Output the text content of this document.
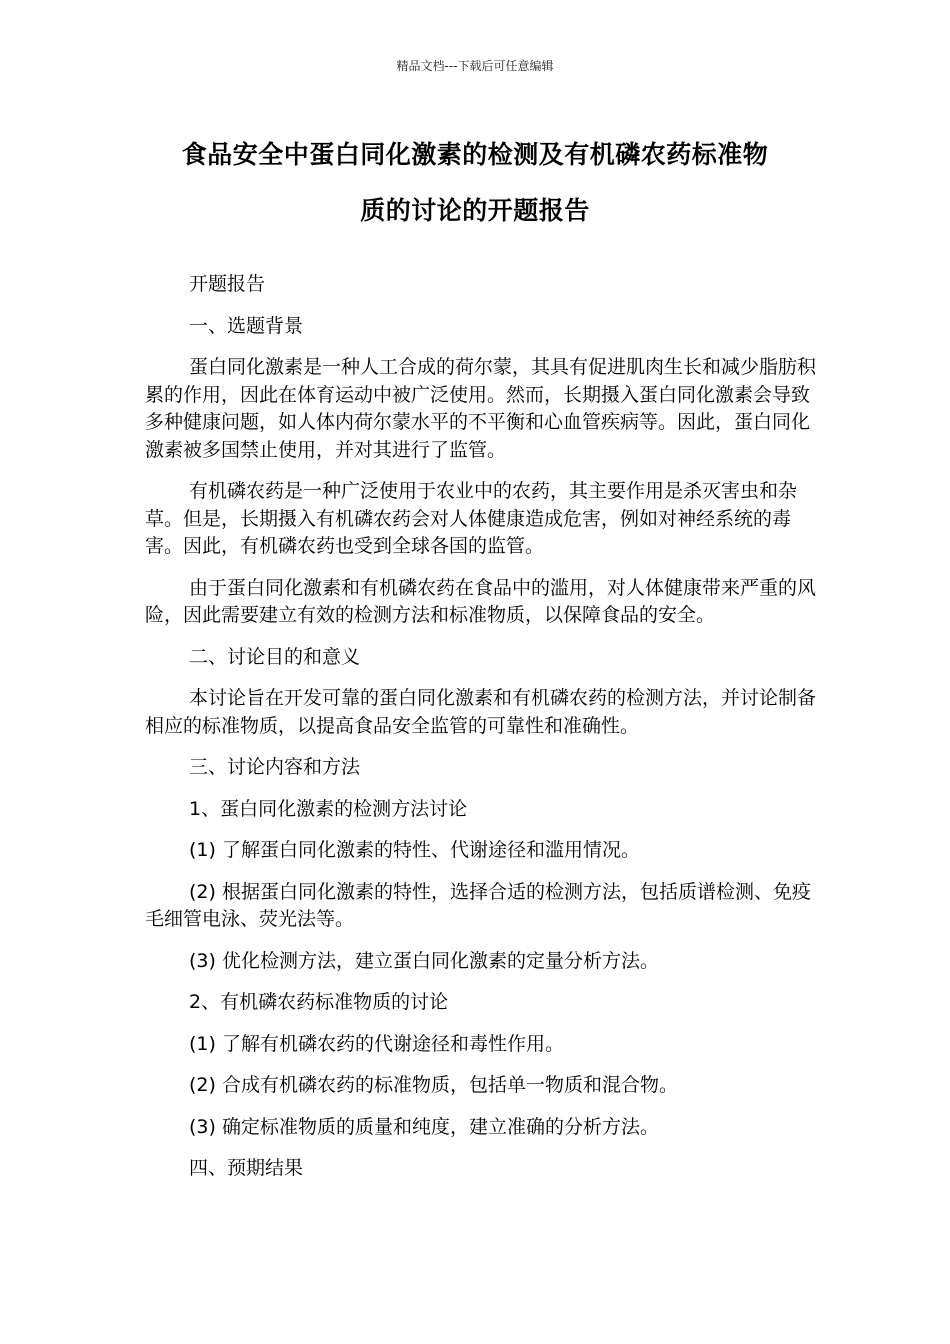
精品文档---下载后可任意编辑
食品安全中蛋白同化激素的检测及有机磷农药标准物
质的讨论的开题报告

开题报告

一、选题背景

蛋白同化激素是一种人工合成的荷尔蒙，其具有促进肌肉生长和减少脂肪积累的作用，因此在体育运动中被广泛使用。然而，长期摄入蛋白同化激素会导致多种健康问题，如人体内荷尔蒙水平的不平衡和心血管疾病等。因此，蛋白同化激素被多国禁止使用，并对其进行了监管。

有机磷农药是一种广泛使用于农业中的农药，其主要作用是杀灭害虫和杂草。但是，长期摄入有机磷农药会对人体健康造成危害，例如对神经系统的毒害。因此，有机磷农药也受到全球各国的监管。

由于蛋白同化激素和有机磷农药在食品中的滥用，对人体健康带来严重的风险，因此需要建立有效的检测方法和标准物质，以保障食品的安全。

二、讨论目的和意义

本讨论旨在开发可靠的蛋白同化激素和有机磷农药的检测方法，并讨论制备相应的标准物质，以提高食品安全监管的可靠性和准确性。

三、讨论内容和方法

1、蛋白同化激素的检测方法讨论

(1) 了解蛋白同化激素的特性、代谢途径和滥用情况。

(2) 根据蛋白同化激素的特性，选择合适的检测方法，包括质谱检测、免疫毛细管电泳、荧光法等。

(3) 优化检测方法，建立蛋白同化激素的定量分析方法。

2、有机磷农药标准物质的讨论

(1) 了解有机磷农药的代谢途径和毒性作用。

(2) 合成有机磷农药的标准物质，包括单一物质和混合物。

(3) 确定标准物质的质量和纯度，建立准确的分析方法。

四、预期结果
